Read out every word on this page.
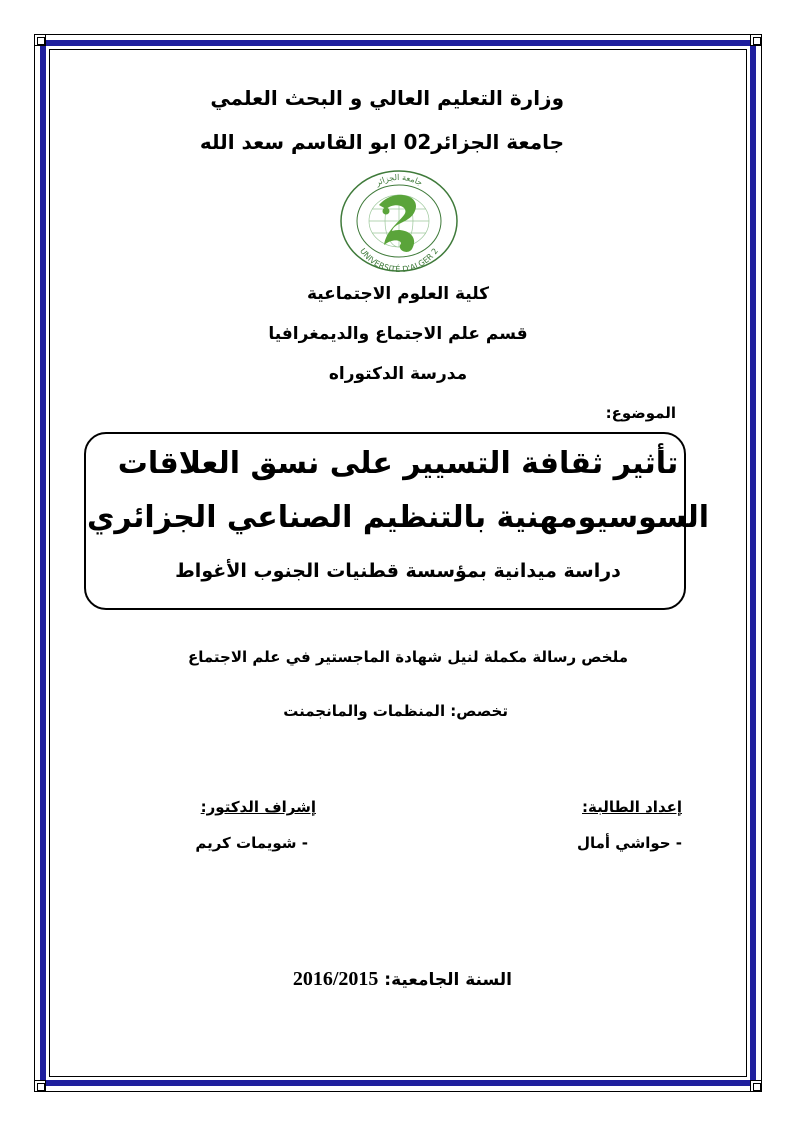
وزارة التعليم العالي و البحث العلمي
جامعة الجزائر02 ابو القاسم سعد الله
جامعة الجزائر
UNIVERSITÉ D'ALGER 2
كلية العلوم الاجتماعية
قسم علم الاجتماع والديمغرافيا
مدرسة الدكتوراه
الموضوع:
تأثير ثقافة التسيير على نسق العلاقات
السوسيومهنية بالتنظيم الصناعي الجزائري
دراسة ميدانية بمؤسسة قطنيات الجنوب الأغواط
ملخص رسالة مكملة لنيل شهادة الماجستير في علم الاجتماع
تخصص: المنظمات والمانجمنت
إعداد الطالبة:
- حواشي أمال
إشراف الدكتور:
- شويمات كريم
السنة الجامعية: 2016/2015
